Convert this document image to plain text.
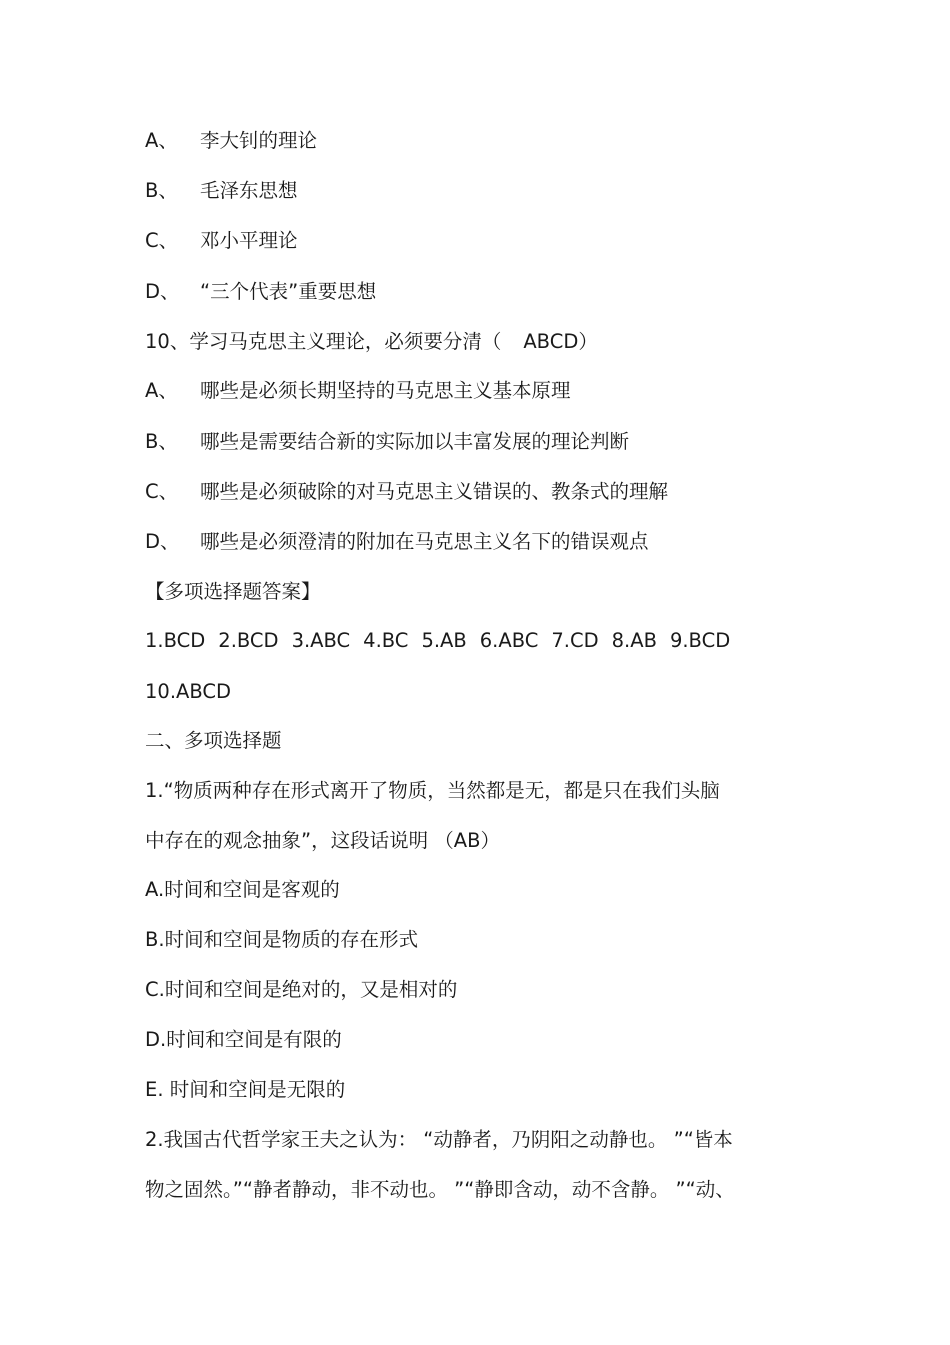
A、 李大钊的理论
B、 毛泽东思想
C、 邓小平理论
D、 “三个代表”重要思想
10、学习马克思主义理论，必须要分清（ ABCD）
A、 哪些是必须长期坚持的马克思主义基本原理
B、 哪些是需要结合新的实际加以丰富发展的理论判断
C、 哪些是必须破除的对马克思主义错误的、教条式的理解
D、 哪些是必须澄清的附加在马克思主义名下的错误观点
【多项选择题答案】
1.BCD 2.BCD 3.ABC 4.BC 5.AB 6.ABC 7.CD 8.AB 9.BCD
10.ABCD
二、多项选择题
1.“物质两种存在形式离开了物质，当然都是无，都是只在我们头脑
中存在的观念抽象”，这段话说明 （AB）
A.时间和空间是客观的
B.时间和空间是物质的存在形式
C.时间和空间是绝对的，又是相对的
D.时间和空间是有限的
E. 时间和空间是无限的
2.我国古代哲学家王夫之认为： “动静者，乃阴阳之动静也。 ”“皆本
物之固然。”“静者静动，非不动也。 ”“静即含动，动不含静。 ”“动、
